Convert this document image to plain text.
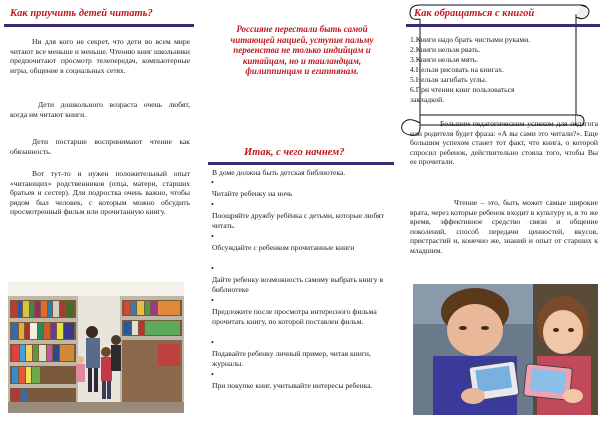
Как приучить детей читать?

Ни для кого не секрет, что дети во всем мире читают все меньше и меньше. Чтению книг школьники предпочитают просмотр телепередач, компьютерные игры, общение в социальных сетях.

Дети дошкольного возраста очень любят, когда им читают книги.

Дети постарше воспринимают чтение как обязанность.

Вот тут-то и нужен положительный опыт «читающих» родственников (отца, матери, старших братьев и сестер). Для подростка очень важно, чтобы рядом был человек, с которым можно обсудить просмотренный фильм или прочитанную книгу.

Россияне перестали быть самой читающей нацией, уступив пальму первенства не только индийцам и китайцам, но и таиландцам, филиппинцам и египтянам.
Итак, с чего начнем?
В доме должна быть детская библиотека.
•
Читайте ребенку на ночь
•
Поощряйте дружбу ребёнка с детьми, которые любят читать.
•
Обсуждайте с ребенком прочитанные книги
•
Дайте ребенку возможность самому выбрать книгу в библиотеке
•
Предложите после просмотра интересного фильма прочитать книгу, по которой поставлен фильм.
•
Подавайте ребенку личный пример, читая книги, журналы.
•
При покупке книг, учитывайте интересы ребенка.
Как обращаться с книгой
1.Книги надо брать чистыми руками.
2.Книги нельзя рвать.
3.Книги нельзя мять.
4.Нельзя рисовать на книгах.
5.Нельзя загибать углы.
6.При чтении книг пользоваться
закладкой.

Большим педагогическим успехом для педагога или родителя будет фраза: «А вы сами это читали?». Еще большим успехом станет тот факт, что книга, о которой спросил ребенок, действительно стояла того, чтобы Вы ее прочитали.

Чтение – это, быть может самые широкие врата, через которые ребенок входит в культуру и, в то же время, эффективное средство связи и общение поколений, способ передачи ценностей, вкусов, пристрастий и, конечно же, знаний и опыт от старших к младшим.
